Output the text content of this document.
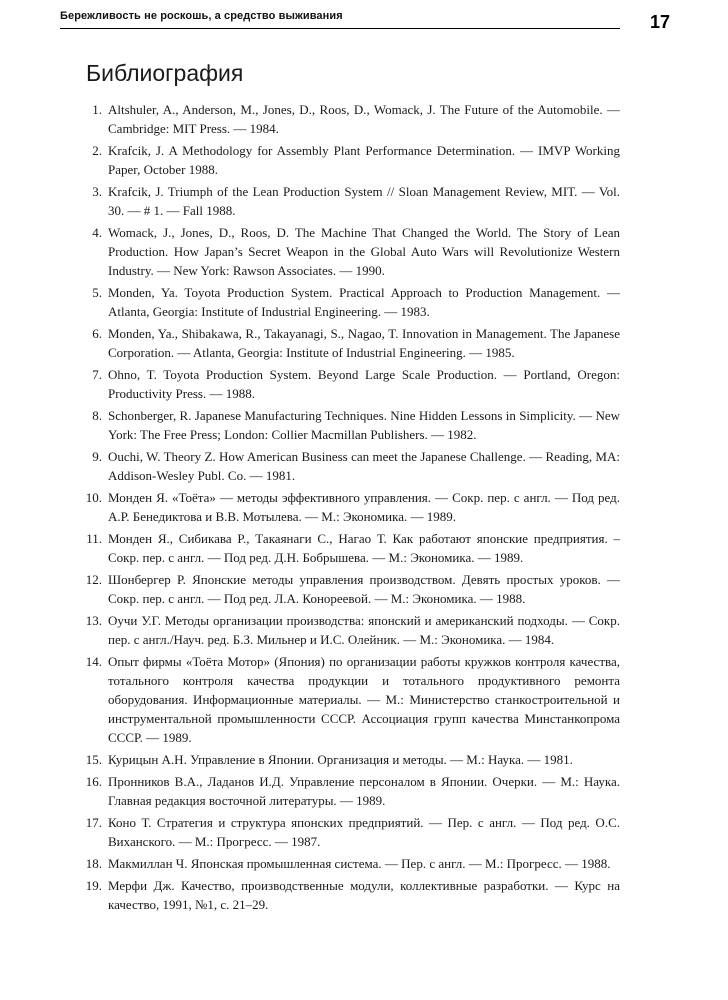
Бережливость не роскошь, а средство выживания	17
Библиография
1. Altshuler, A., Anderson, M., Jones, D., Roos, D., Womack, J. The Future of the Automobile. — Cambridge: MIT Press. — 1984.
2. Krafcik, J. A Methodology for Assembly Plant Performance Determination. — IMVP Working Paper, October 1988.
3. Krafcik, J. Triumph of the Lean Production System // Sloan Management Review, MIT. — Vol. 30. — # 1. — Fall 1988.
4. Womack, J., Jones, D., Roos, D. The Machine That Changed the World. The Story of Lean Production. How Japan’s Secret Weapon in the Global Auto Wars will Revolutionize Western Industry. — New York: Rawson Associates. — 1990.
5. Monden, Ya. Toyota Production System. Practical Approach to Production Management. — Atlanta, Georgia: Institute of Industrial Engineering. — 1983.
6. Monden, Ya., Shibakawa, R., Takayanagi, S., Nagao, T. Innovation in Management. The Japanese Corporation. — Atlanta, Georgia: Institute of Industrial Engineering. — 1985.
7. Ohno, T. Toyota Production System. Beyond Large Scale Production. — Portland, Oregon: Productivity Press. — 1988.
8. Schonberger, R. Japanese Manufacturing Techniques. Nine Hidden Lessons in Simplicity. — New York: The Free Press; London: Collier Macmillan Publishers. — 1982.
9. Ouchi, W. Theory Z. How American Business can meet the Japanese Challenge. — Reading, MA: Addison-Wesley Publ. Co. — 1981.
10. Монден Я. «Тоёта» — методы эффективного управления. — Сокр. пер. с англ. — Под ред. А.Р. Бенедиктова и В.В. Мотылева. — М.: Экономика. — 1989.
11. Монден Я., Сибикава Р., Такаянаги С., Нагао Т. Как работают японские предприятия. – Сокр. пер. с англ. — Под ред. Д.Н. Бобрышева. — М.: Экономика. — 1989.
12. Шонбергер Р. Японские методы управления производством. Девять простых уроков. — Сокр. пер. с англ. — Под ред. Л.А. Конореевой. — М.: Экономика. — 1988.
13. Оучи У.Г. Методы организации производства: японский и американский подходы. — Сокр. пер. с англ./Науч. ред. Б.З. Мильнер и И.С. Олейник. — М.: Экономика. — 1984.
14. Опыт фирмы «Тоёта Мотор» (Япония) по организации работы кружков контроля качества, тотального контроля качества продукции и тотального продуктивного ремонта оборудования. Информационные материалы. — М.: Министерство станкостроительной и инструментальной промышленности СССР. Ассоциация групп качества Минстанкопрома СССР. — 1989.
15. Курицын А.Н. Управление в Японии. Организация и методы. — М.: Наука. — 1981.
16. Пронников В.А., Ладанов И.Д. Управление персоналом в Японии. Очерки. — М.: Наука. Главная редакция восточной литературы. — 1989.
17. Коно Т. Стратегия и структура японских предприятий. — Пер. с англ. — Под ред. О.С. Виханского. — М.: Прогресс. — 1987.
18. Макмиллан Ч. Японская промышленная система. — Пер. с англ. — М.: Прогресс. — 1988.
19. Мерфи Дж. Качество, производственные модули, коллективные разработки. — Курс на качество, 1991, №1, с. 21–29.
